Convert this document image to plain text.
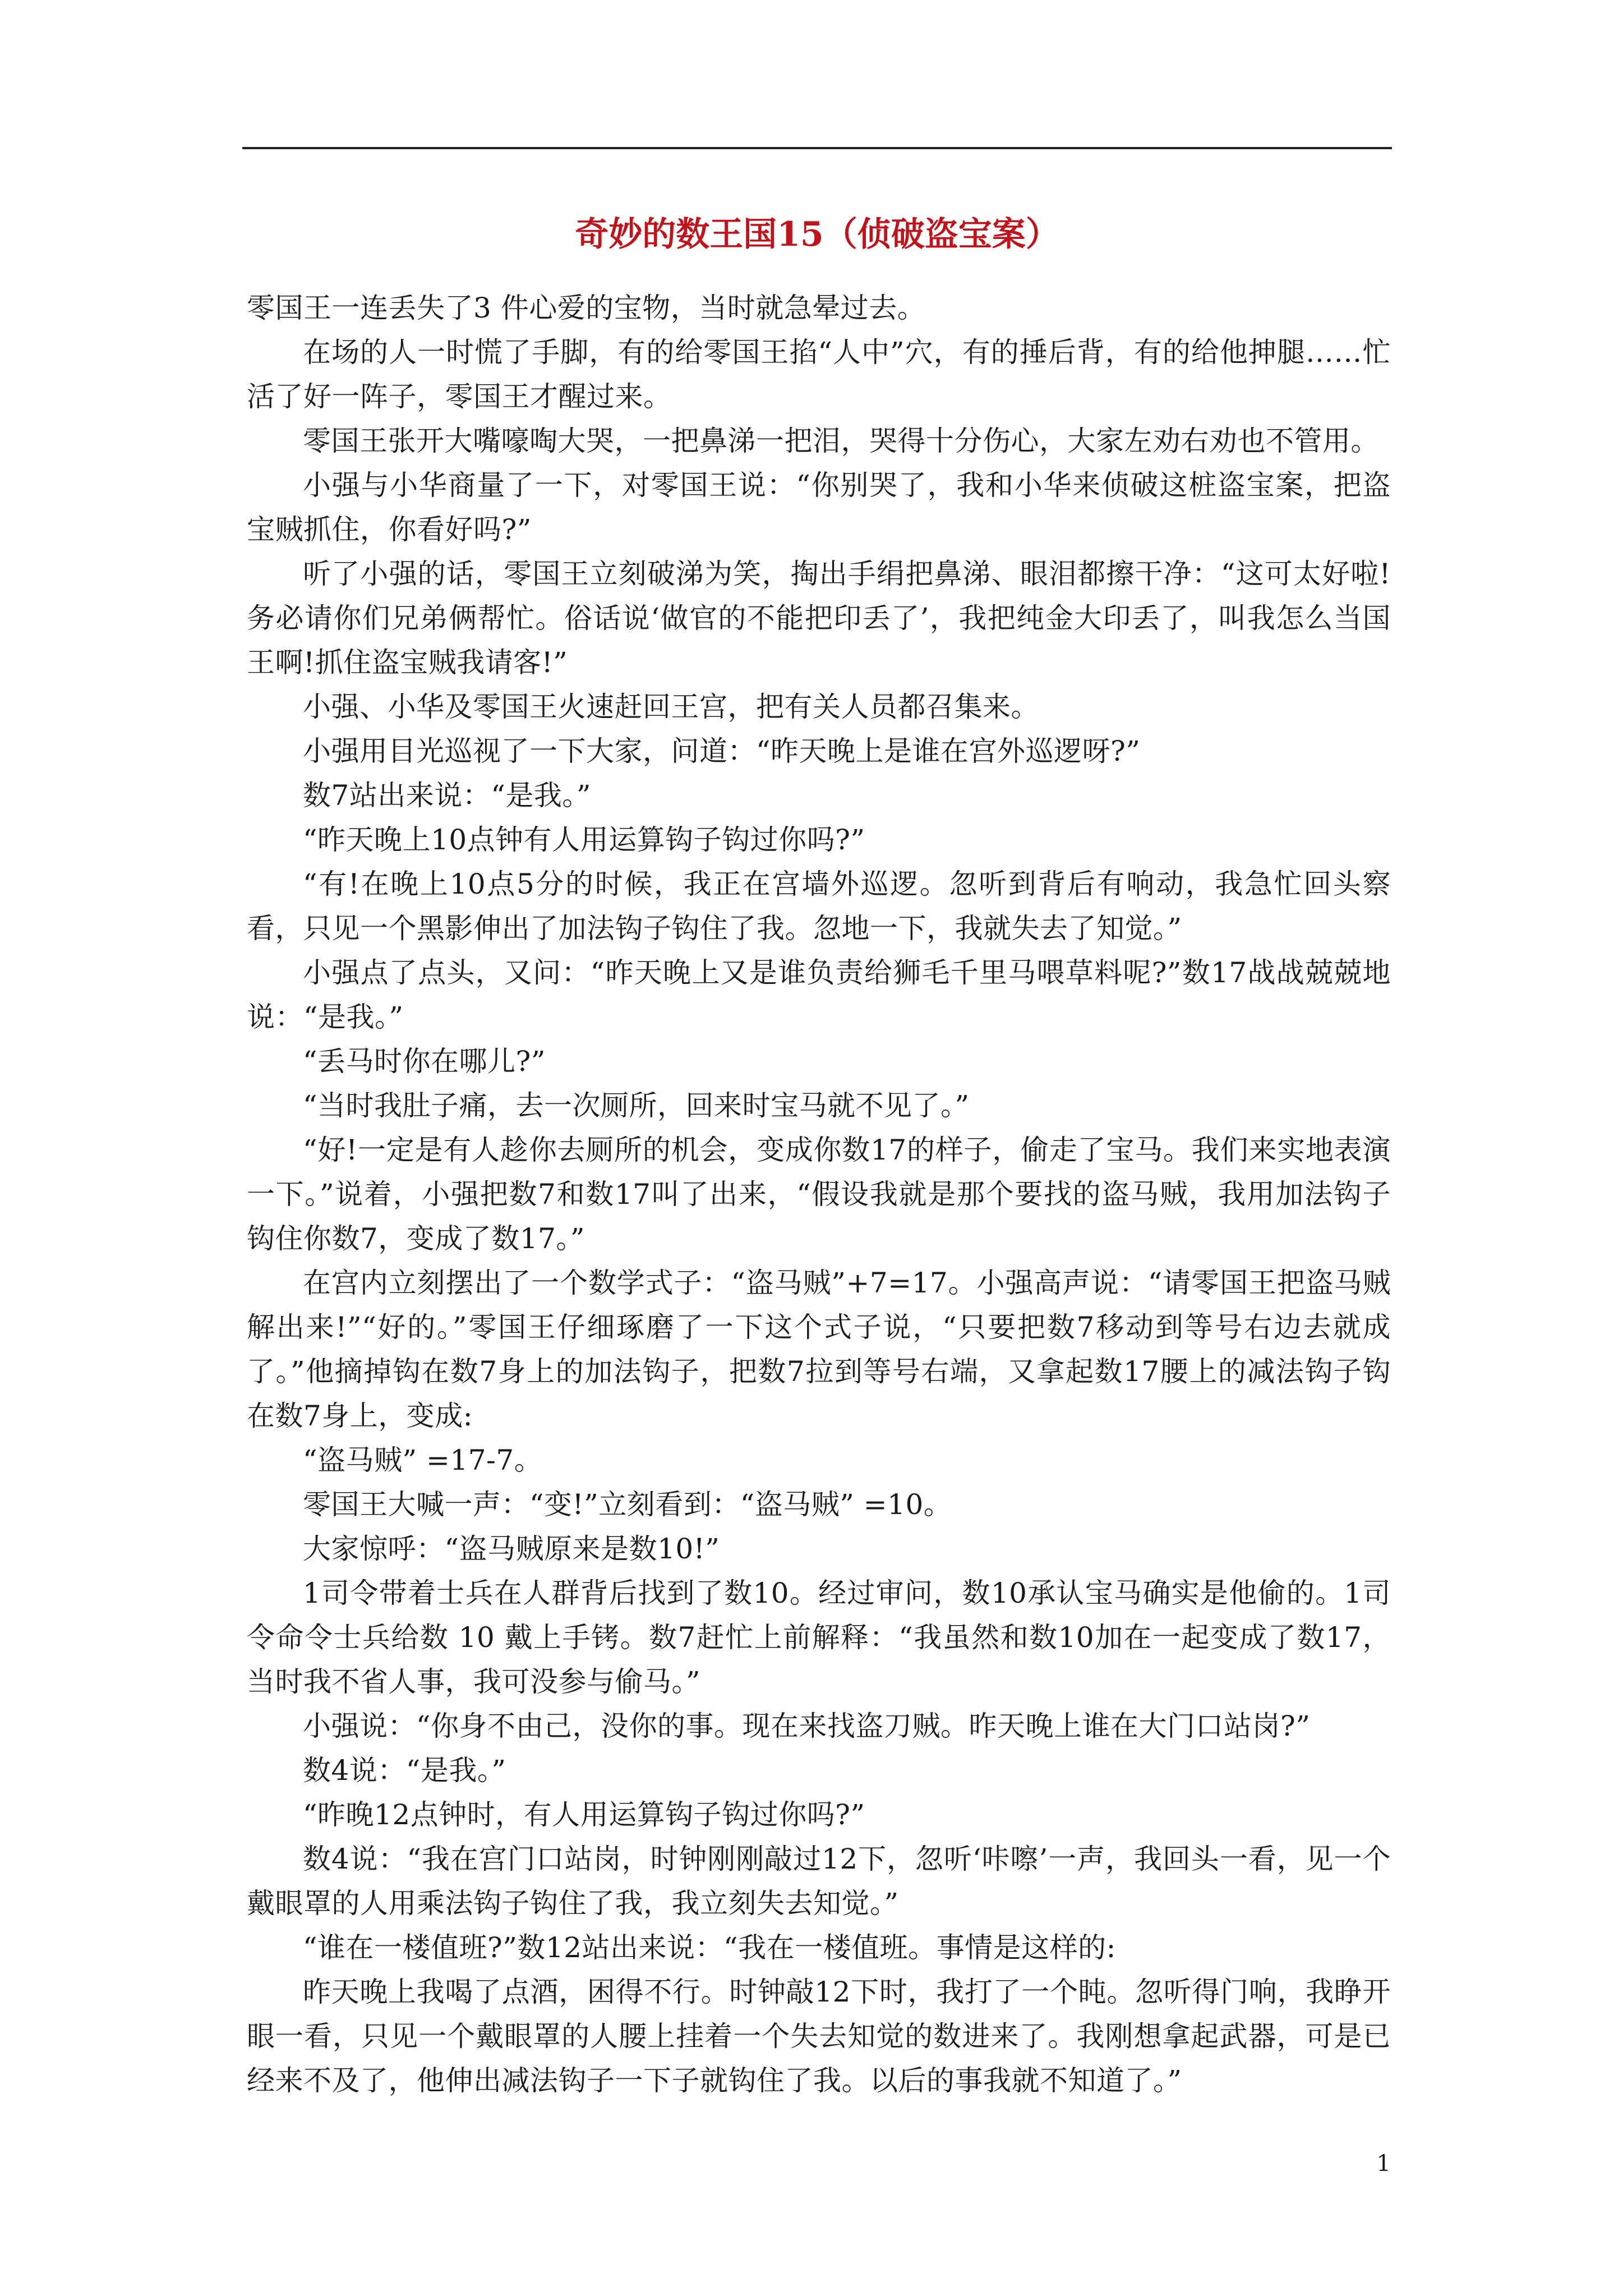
奇妙的数王国15（侦破盗宝案）

零国王一连丢失了3 件心爱的宝物，当时就急晕过去。

在场的人一时慌了手脚，有的给零国王掐“人中”穴，有的捶后背，有的给他抻腿……忙活了好一阵子，零国王才醒过来。

零国王张开大嘴嚎啕大哭，一把鼻涕一把泪，哭得十分伤心，大家左劝右劝也不管用。

小强与小华商量了一下，对零国王说：“你别哭了，我和小华来侦破这桩盗宝案，把盗宝贼抓住，你看好吗?”

听了小强的话，零国王立刻破涕为笑，掏出手绢把鼻涕、眼泪都擦干净：“这可太好啦!务必请你们兄弟俩帮忙。俗话说‘做官的不能把印丢了’，我把纯金大印丢了，叫我怎么当国王啊!抓住盗宝贼我请客!”

小强、小华及零国王火速赶回王宫，把有关人员都召集来。

小强用目光巡视了一下大家，问道：“昨天晚上是谁在宫外巡逻呀?”

数7站出来说：“是我。”

“昨天晚上10点钟有人用运算钩子钩过你吗?”

“有!在晚上10点5分的时候，我正在宫墙外巡逻。忽听到背后有响动，我急忙回头察看，只见一个黑影伸出了加法钩子钩住了我。忽地一下，我就失去了知觉。”

小强点了点头，又问：“昨天晚上又是谁负责给狮毛千里马喂草料呢?”数17战战兢兢地说：“是我。”

“丢马时你在哪儿?”

“当时我肚子痛，去一次厕所，回来时宝马就不见了。”

“好!一定是有人趁你去厕所的机会，变成你数17的样子，偷走了宝马。我们来实地表演一下。”说着，小强把数7和数17叫了出来，“假设我就是那个要找的盗马贼，我用加法钩子钩住你数7，变成了数17。”

在宫内立刻摆出了一个数学式子：“盗马贼”+7=17。小强高声说：“请零国王把盗马贼解出来!”“好的。”零国王仔细琢磨了一下这个式子说，“只要把数7移动到等号右边去就成了。”他摘掉钩在数7身上的加法钩子，把数7拉到等号右端，又拿起数17腰上的减法钩子钩在数7身上，变成:

“盗马贼” =17-7。

零国王大喊一声：“变!”立刻看到：“盗马贼” =10。

大家惊呼：“盗马贼原来是数10!”

1司令带着士兵在人群背后找到了数10。经过审问，数10承认宝马确实是他偷的。1司令命令士兵给数 10 戴上手铐。数7赶忙上前解释：“我虽然和数10加在一起变成了数17，当时我不省人事，我可没参与偷马。”

小强说：“你身不由己，没你的事。现在来找盗刀贼。昨天晚上谁在大门口站岗?”

数4说：“是我。”

“昨晚12点钟时，有人用运算钩子钩过你吗?”

数4说：“我在宫门口站岗，时钟刚刚敲过12下，忽听‘咔嚓’一声，我回头一看，见一个戴眼罩的人用乘法钩子钩住了我，我立刻失去知觉。”

“谁在一楼值班?”数12站出来说：“我在一楼值班。事情是这样的:

昨天晚上我喝了点酒，困得不行。时钟敲12下时，我打了一个盹。忽听得门响，我睁开眼一看，只见一个戴眼罩的人腰上挂着一个失去知觉的数进来了。我刚想拿起武器，可是已经来不及了，他伸出减法钩子一下子就钩住了我。以后的事我就不知道了。”

1
